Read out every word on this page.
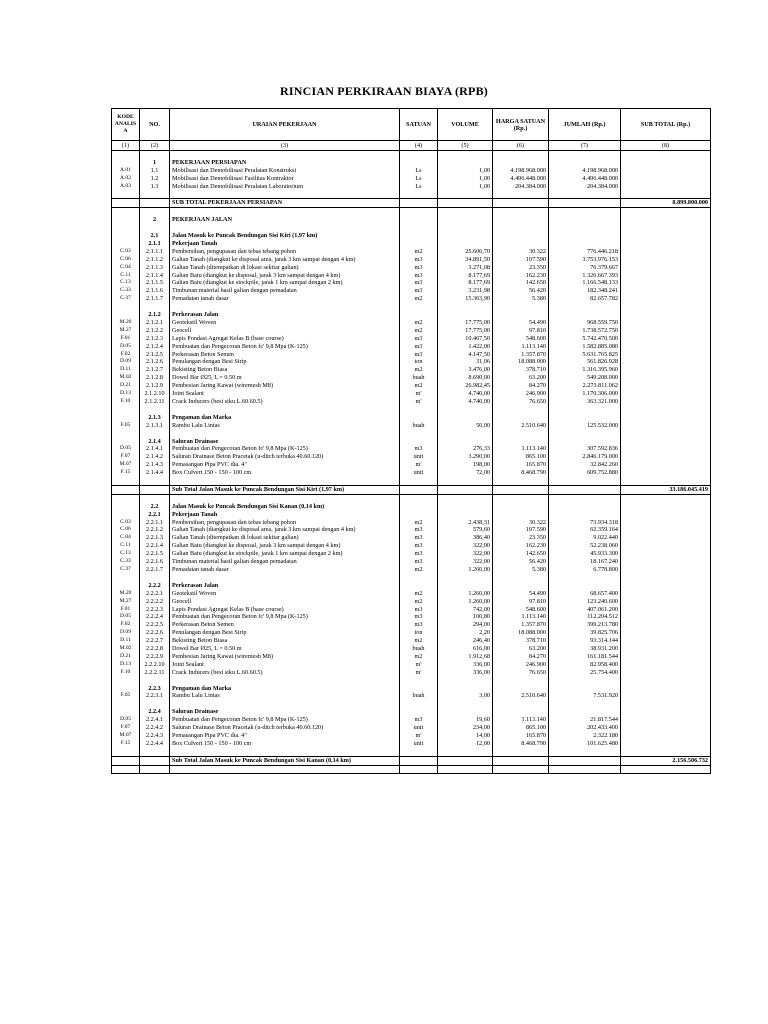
RINCIAN PERKIRAAN BIAYA (RPB)
KODE ANALIS A	NO.	URAIAN PEKERJAAN	SATUAN	VOLUME	HARGA SATUAN (Rp.)	JUMLAH (Rp.)	SUB TOTAL (Rp.)
(1)	(2)	(3)	(4)	(5)	(6)	(7)	(8)

	1	PEKERJAAN PERSIAPAN					
A.01	1.1	Mobilisasi dan Demobilisasi Peralatan Konstruksi	Ls	1,00	4.198.968.000	4.198.968.000	
A.02	1.2	Mobilisasi dan Demobilisasi Fasilitas Kontraktor	Ls	1,00	4.496.448.000	4.496.448.000	
A.03	1.3	Mobilisasi dan Demobilisasi Peralatan Laboratorium	Ls	1,00	204.384.000	204.384.000	

		SUB TOTAL PEKERJAAN PERSIAPAN					8.899.800.000

	2	PEKERJAAN JALAN					

	2.1	Jalan Masuk ke Puncak Bendungan Sisi Kiri (1,97 km)					
	2.1.1	Pekerjaan Tanah					
C.03	2.1.1.1	Pembersihan, pengupasan dan tebas tebang pohon	m2	25.606,70	30.322	776.446.218	
C.06	2.1.1.2	Galian Tanah (diangkut ke disposal area, jarak 3 km sampai dengan 4 km)	m3	34.891,50	107.590	3.753.976.153	
C.04	2.1.1.3	Galian Tanah (ditempatkan di lokasi sekitar galian)	m3	3.271,08	23.350	76.379.667	
C.11	2.1.1.4	Galian Batu (diangkut ke disposal, jarak 3 km sampai dengan 4 km)	m3	8.177,69	162.230	1.326.667.393	
C.13	2.1.1.5	Galian Batu (diangkut ke stockpile, jarak 1 km sampai dengan 2 km)	m3	8.177,69	142.650	1.166.548.133	
C.33	2.1.1.6	Timbunan material hasil galian dengan pemadatan	m3	3.231,98	56.420	182.348.241	
C.37	2.1.1.7	Pemadatan tanah dasar	m2	15.363,90	5.380	82.657.782	

	2.1.2	Perkerasan Jalan					
M.20	2.1.2.1	Geotekstil Woven	m2	17.775,00	54.490	968.559.750	
M.27	2.1.2.2	Geocell	m2	17.775,00	97.810	1.738.572.750	
F.01	2.1.2.3	Lapis Pondasi Agregat Kelas B (base course)	m3	10.467,50	548.600	5.742.470.500	
D.05	2.1.2.4	Pembuatan dan Pengecoran Beton fc' 9,8 Mpa (K-125)	m3	1.422,00	1.113.140	1.582.885.080	
F.02	2.1.2.5	Perkerasan Beton Semen	m3	4.147,50	1.357.870	5.631.765.825	
D.09	2.1.2.6	Penulangan dengan Besi Sirip	ton	31,06	18.088.000	561.826.928	
D.11	2.1.2.7	Bekisting Beton Biasa	m2	3.476,00	378.710	1.316.395.960	
M.02	2.1.2.8	Dowel Bar Ø25, L = 0.50 m	buah	8.690,00	63.200	549.208.000	
D.21	2.1.2.9	Pembesian Jaring Kawat (wiremesh M8)	m2	26.982,45	84.270	2.273.811.062	
D.13	2.1.2.10	Joint Sealant	m'	4.740,00	246.900	1.170.306.000	
F.10	2.1.2.11	Crack Inducers (besi siku L.60.60.5)	m'	4.740,00	76.650	363.321.000	

	2.1.3	Pengaman dan Marka					
F.05	2.1.3.1	Rambu Lalu Lintas	buah	50,00	2.510.640	125.532.000	

	2.1.4	Saluran Drainase					
D.05	2.1.4.1	Pembuatan dan Pengecoran Beton fc' 9,8 Mpa (K-125)	m3	276,33	1.113.140	307.592.836	
F.07	2.1.4.2	Saluran Drainase Beton Pracetak (u-ditch terbuka 40.60.120)	unit	3.290,00	865.100	2.846.179.000	
M.07	2.1.4.3	Pemasangan Pipa PVC dia. 4"	m'	198,00	165.870	32.842.260	
F.15	2.1.4.4	Box Culvert 150 - 150 - 100 cm	unit	72,00	8.468.790	609.752.880	

		Sub Total Jalan Masuk ke Puncak Bendungan Sisi Kiri (1,97 km)					33.186.045.419

	2.2	Jalan Masuk ke Puncak Bendungan Sisi Kanan (0,14 km)					
	2.2.1	Pekerjaan Tanah					
C.03	2.2.1.1	Pembersihan, pengupasan dan tebas tebang pohon	m2	2.438,31	30.322	73.934.318	
C.06	2.2.1.2	Galian Tanah (diangkut ke disposal area, jarak 3 km sampai dengan 4 km)	m3	579,60	107.590	62.359.164	
C.04	2.2.1.3	Galian Tanah (ditempatkan di lokasi sekitar galian)	m3	386,40	23.350	9.022.440	
C.11	2.2.1.4	Galian Batu (diangkut ke disposal, jarak 3 km sampai dengan 4 km)	m3	322,00	162.230	52.238.060	
C.13	2.2.1.5	Galian Batu (diangkut ke stockpile, jarak 1 km sampai dengan 2 km)	m3	322,00	142.650	45.933.300	
C.33	2.2.1.6	Timbunan material hasil galian dengan pemadatan	m3	322,00	56.420	18.167.240	
C.37	2.2.1.7	Pemadatan tanah dasar	m2	1.260,00	5.380	6.778.800	

	2.2.2	Perkerasan Jalan					
M.20	2.2.2.1	Geotekstil Woven	m2	1.260,00	54.490	68.657.400	
M.27	2.2.2.2	Geocell	m2	1.260,00	97.810	123.240.600	
F.01	2.2.2.3	Lapis Pondasi Agregat Kelas B (base course)	m3	742,00	548.600	407.061.200	
D.05	2.2.2.4	Pembuatan dan Pengecoran Beton fc' 9,8 Mpa (K-125)	m3	100,80	1.113.140	112.204.512	
F.02	2.2.2.5	Perkerasan Beton Semen	m3	294,00	1.357.870	399.213.780	
D.09	2.2.2.6	Penulangan dengan Besi Sirip	ton	2,20	18.088.000	39.825.706	
D.11	2.2.2.7	Bekisting Beton Biasa	m2	246,40	378.710	93.314.144	
M.02	2.2.2.8	Dowel Bar Ø25, L = 0.50 m	buah	616,00	63.200	38.931.200	
D.21	2.2.2.9	Pembesian Jaring Kawat (wiremesh M8)	m2	1.912,68	84.270	161.181.544	
D.13	2.2.2.10	Joint Sealant	m'	336,00	246.900	82.958.400	
F.10	2.2.2.11	Crack Inducers (besi siku L.60.60.5)	m'	336,00	76.650	25.754.400	

	2.2.3	Pengaman dan Marka					
F.05	2.2.3.1	Rambu Lalu Lintas	buah	3,00	2.510.640	7.531.920	

	2.2.4	Saluran Drainase					
D.05	2.2.4.1	Pembuatan dan Pengecoran Beton fc' 9,8 Mpa (K-125)	m3	19,60	1.113.140	21.817.544	
F.07	2.2.4.2	Saluran Drainase Beton Pracetak (u-ditch terbuka 40.60.120)	unit	234,00	865.100	202.433.400	
M.07	2.2.4.3	Pemasangan Pipa PVC dia. 4"	m'	14,00	165.870	2.322.180	
F.15	2.2.4.4	Box Culvert 150 - 150 - 100 cm	unit	12,00	8.468.790	101.625.480	

		Sub Total Jalan Masuk ke Puncak Bendungan Sisi Kanan (0,14 km)					2.156.506.732
